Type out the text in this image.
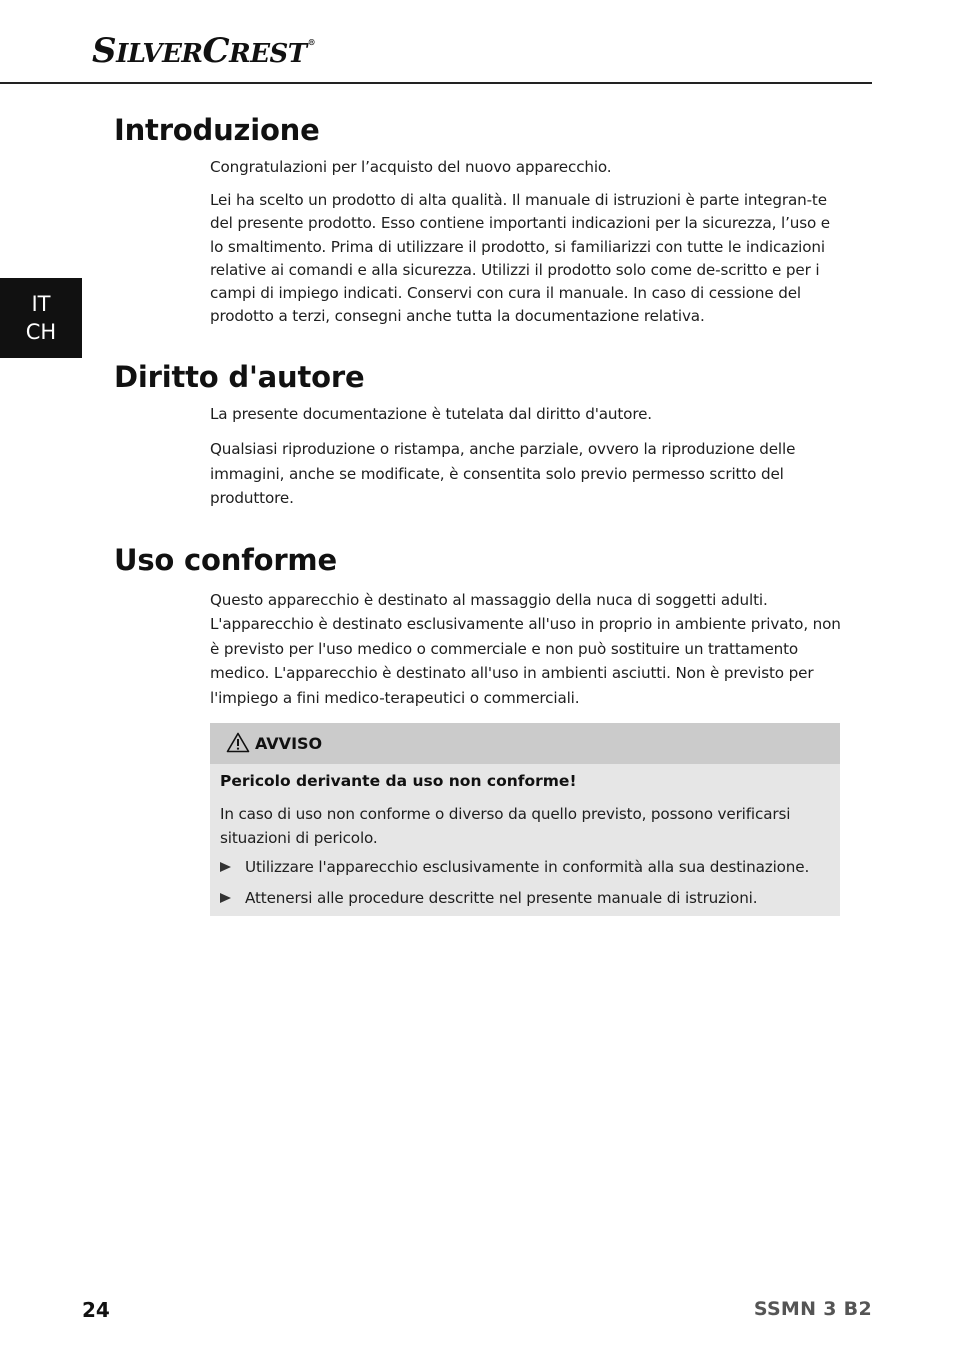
SILVERCREST®
IT
CH
Introduzione

Congratulazioni per l’acquisto del nuovo apparecchio.

Lei ha scelto un prodotto di alta qualità. Il manuale di istruzioni è parte integran-te del presente prodotto. Esso contiene importanti indicazioni per la sicurezza, l’uso e lo smaltimento. Prima di utilizzare il prodotto, si familiarizzi con tutte le indicazioni relative ai comandi e alla sicurezza. Utilizzi il prodotto solo come de-scritto e per i campi di impiego indicati. Conservi con cura il manuale. In caso di cessione del prodotto a terzi, consegni anche tutta la documentazione relativa.

Diritto d'autore

La presente documentazione è tutelata dal diritto d'autore.

Qualsiasi riproduzione o ristampa, anche parziale, ovvero la riproduzione delle immagini, anche se modificate, è consentita solo previo permesso scritto del produttore.

Uso conforme

Questo apparecchio è destinato al massaggio della nuca di soggetti adulti. L'apparecchio è destinato esclusivamente all'uso in proprio in ambiente privato, non è previsto per l'uso medico o commerciale e non può sostituire un trattamento medico. L'apparecchio è destinato all'uso in ambienti asciutti. Non è previsto per l'impiego a fini medico-terapeutici o commerciali.

AVVISO

Pericolo derivante da uso non conforme!

In caso di uso non conforme o diverso da quello previsto, possono verificarsi situazioni di pericolo.

Utilizzare l'apparecchio esclusivamente in conformità alla sua destinazione.
Attenersi alle procedure descritte nel presente manuale di istruzioni.
24	SSMN 3 B2
